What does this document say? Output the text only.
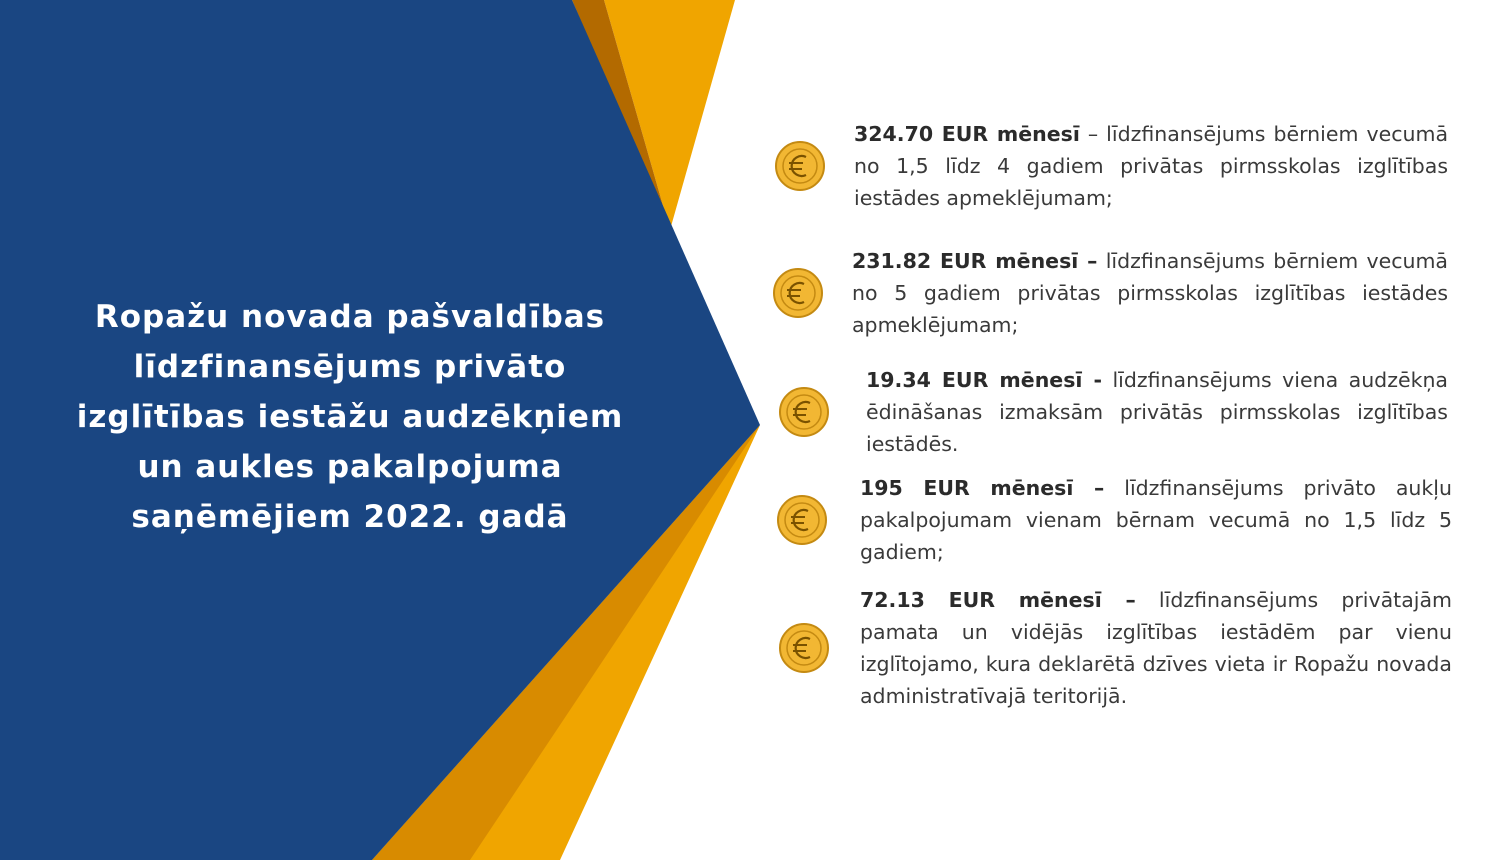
Ropažu novada pašvaldības
līdzfinansējums privāto
izglītības iestāžu audzēkņiem
un aukles pakalpojuma
saņēmējiem 2022. gadā
324.70 EUR mēnesī – līdzfinansējums bērniem vecumā no 1,5 līdz 4 gadiem privātas pirmsskolas izglītības iestādes apmeklējumam;
231.82 EUR mēnesī – līdzfinansējums bērniem vecumā no 5 gadiem privātas pirmsskolas izglītības iestādes apmeklējumam;
19.34 EUR mēnesī - līdzfinansējums viena audzēkņa ēdināšanas izmaksām privātās pirmsskolas izglītības iestādēs.
195 EUR mēnesī – līdzfinansējums privāto aukļu pakalpojumam vienam bērnam vecumā no 1,5 līdz 5 gadiem;
72.13 EUR mēnesī – līdzfinansējums privātajām pamata un vidējās izglītības iestādēm par vienu izglītojamo, kura deklarētā dzīves vieta ir Ropažu novada administratīvajā teritorijā.
